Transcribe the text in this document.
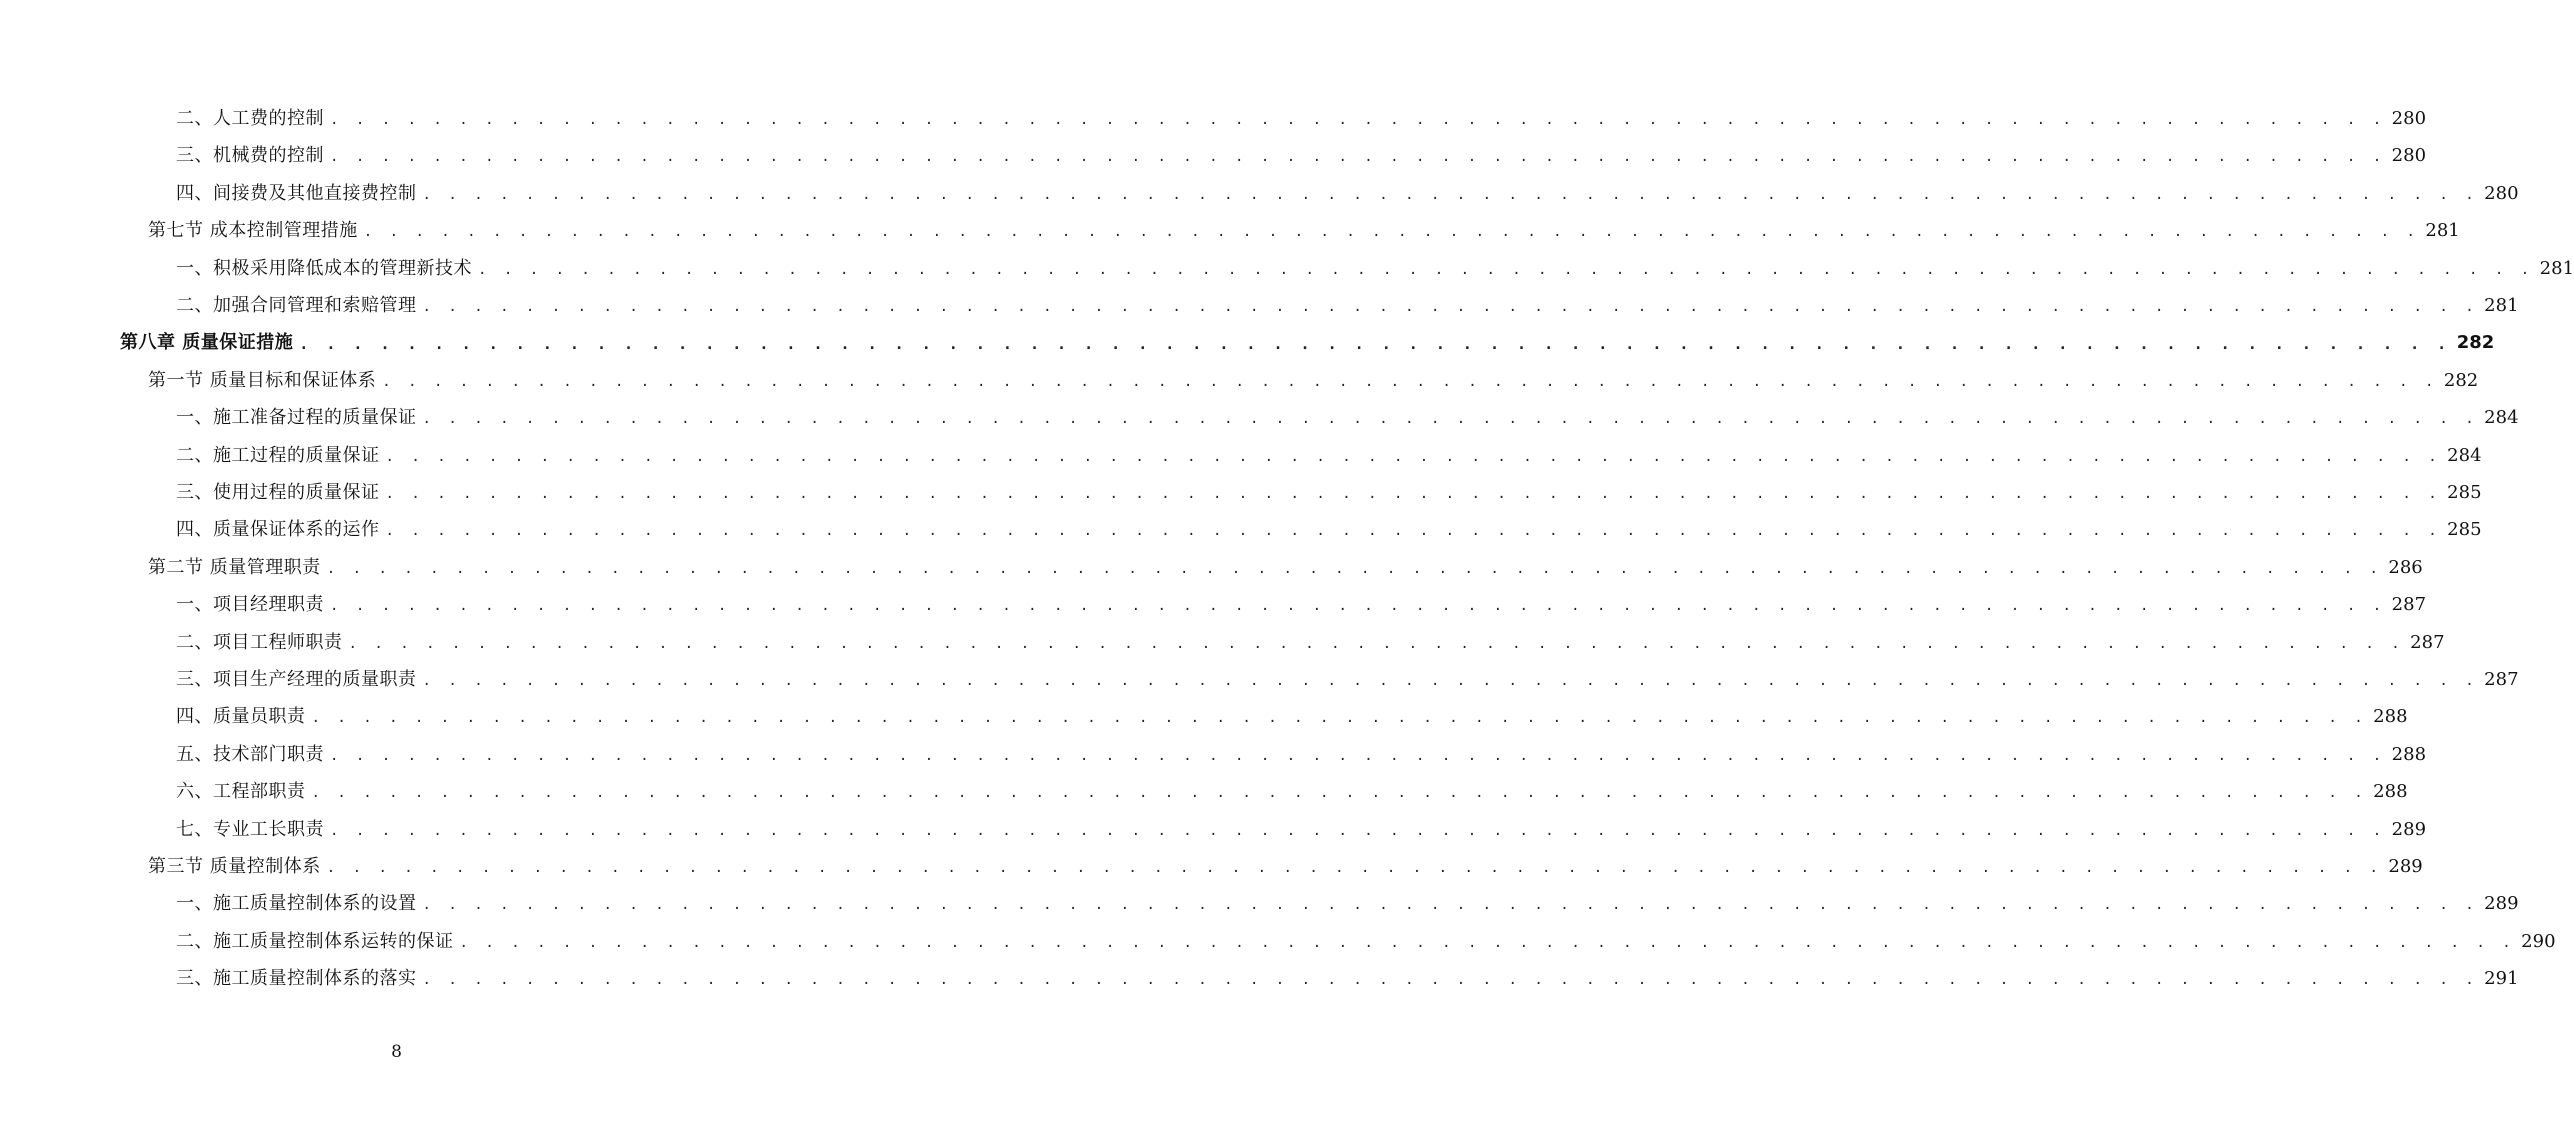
二、人工费的控制 . . . . . . . . . . . . . . . . . . . . . . . . . . . . . . . . . . . . . . . . . . . . . . . . . . . . . . . . . . . . . . . . . . . . . . . . . . . . . . . . 280
三、机械费的控制 . . . . . . . . . . . . . . . . . . . . . . . . . . . . . . . . . . . . . . . . . . . . . . . . . . . . . . . . . . . . . . . . . . . . . . . . . . . . . . . . 280
四、间接费及其他直接费控制 . . . . . . . . . . . . . . . . . . . . . . . . . . . . . . . . . . . . . . . . . . . . . . . . . . . . . . . . . . . . . . . . . . . . . . . . . . . . . . . . 280
第七节 成本控制管理措施 . . . . . . . . . . . . . . . . . . . . . . . . . . . . . . . . . . . . . . . . . . . . . . . . . . . . . . . . . . . . . . . . . . . . . . . . . . . . . . . . 281
一、积极采用降低成本的管理新技术 . . . . . . . . . . . . . . . . . . . . . . . . . . . . . . . . . . . . . . . . . . . . . . . . . . . . . . . . . . . . . . . . . . . . . . . . . . . . . . . . 281
二、加强合同管理和索赔管理 . . . . . . . . . . . . . . . . . . . . . . . . . . . . . . . . . . . . . . . . . . . . . . . . . . . . . . . . . . . . . . . . . . . . . . . . . . . . . . . . 281
第八章 质量保证措施 . . . . . . . . . . . . . . . . . . . . . . . . . . . . . . . . . . . . . . . . . . . . . . . . . . . . . . . . . . . . . . . . . . . . . . . . . . . . . . . . 282
第一节 质量目标和保证体系 . . . . . . . . . . . . . . . . . . . . . . . . . . . . . . . . . . . . . . . . . . . . . . . . . . . . . . . . . . . . . . . . . . . . . . . . . . . . . . . . 282
一、施工准备过程的质量保证 . . . . . . . . . . . . . . . . . . . . . . . . . . . . . . . . . . . . . . . . . . . . . . . . . . . . . . . . . . . . . . . . . . . . . . . . . . . . . . . . 284
二、施工过程的质量保证 . . . . . . . . . . . . . . . . . . . . . . . . . . . . . . . . . . . . . . . . . . . . . . . . . . . . . . . . . . . . . . . . . . . . . . . . . . . . . . . . 284
三、使用过程的质量保证 . . . . . . . . . . . . . . . . . . . . . . . . . . . . . . . . . . . . . . . . . . . . . . . . . . . . . . . . . . . . . . . . . . . . . . . . . . . . . . . . 285
四、质量保证体系的运作 . . . . . . . . . . . . . . . . . . . . . . . . . . . . . . . . . . . . . . . . . . . . . . . . . . . . . . . . . . . . . . . . . . . . . . . . . . . . . . . . 285
第二节 质量管理职责 . . . . . . . . . . . . . . . . . . . . . . . . . . . . . . . . . . . . . . . . . . . . . . . . . . . . . . . . . . . . . . . . . . . . . . . . . . . . . . . . 286
一、项目经理职责 . . . . . . . . . . . . . . . . . . . . . . . . . . . . . . . . . . . . . . . . . . . . . . . . . . . . . . . . . . . . . . . . . . . . . . . . . . . . . . . . 287
二、项目工程师职责 . . . . . . . . . . . . . . . . . . . . . . . . . . . . . . . . . . . . . . . . . . . . . . . . . . . . . . . . . . . . . . . . . . . . . . . . . . . . . . . . 287
三、项目生产经理的质量职责 . . . . . . . . . . . . . . . . . . . . . . . . . . . . . . . . . . . . . . . . . . . . . . . . . . . . . . . . . . . . . . . . . . . . . . . . . . . . . . . . 287
四、质量员职责 . . . . . . . . . . . . . . . . . . . . . . . . . . . . . . . . . . . . . . . . . . . . . . . . . . . . . . . . . . . . . . . . . . . . . . . . . . . . . . . . 288
五、技术部门职责 . . . . . . . . . . . . . . . . . . . . . . . . . . . . . . . . . . . . . . . . . . . . . . . . . . . . . . . . . . . . . . . . . . . . . . . . . . . . . . . . 288
六、工程部职责 . . . . . . . . . . . . . . . . . . . . . . . . . . . . . . . . . . . . . . . . . . . . . . . . . . . . . . . . . . . . . . . . . . . . . . . . . . . . . . . . 288
七、专业工长职责 . . . . . . . . . . . . . . . . . . . . . . . . . . . . . . . . . . . . . . . . . . . . . . . . . . . . . . . . . . . . . . . . . . . . . . . . . . . . . . . . 289
第三节 质量控制体系 . . . . . . . . . . . . . . . . . . . . . . . . . . . . . . . . . . . . . . . . . . . . . . . . . . . . . . . . . . . . . . . . . . . . . . . . . . . . . . . . 289
一、施工质量控制体系的设置 . . . . . . . . . . . . . . . . . . . . . . . . . . . . . . . . . . . . . . . . . . . . . . . . . . . . . . . . . . . . . . . . . . . . . . . . . . . . . . . . 289
二、施工质量控制体系运转的保证 . . . . . . . . . . . . . . . . . . . . . . . . . . . . . . . . . . . . . . . . . . . . . . . . . . . . . . . . . . . . . . . . . . . . . . . . . . . . . . . . 290
三、施工质量控制体系的落实 . . . . . . . . . . . . . . . . . . . . . . . . . . . . . . . . . . . . . . . . . . . . . . . . . . . . . . . . . . . . . . . . . . . . . . . . . . . . . . . . 291
8
